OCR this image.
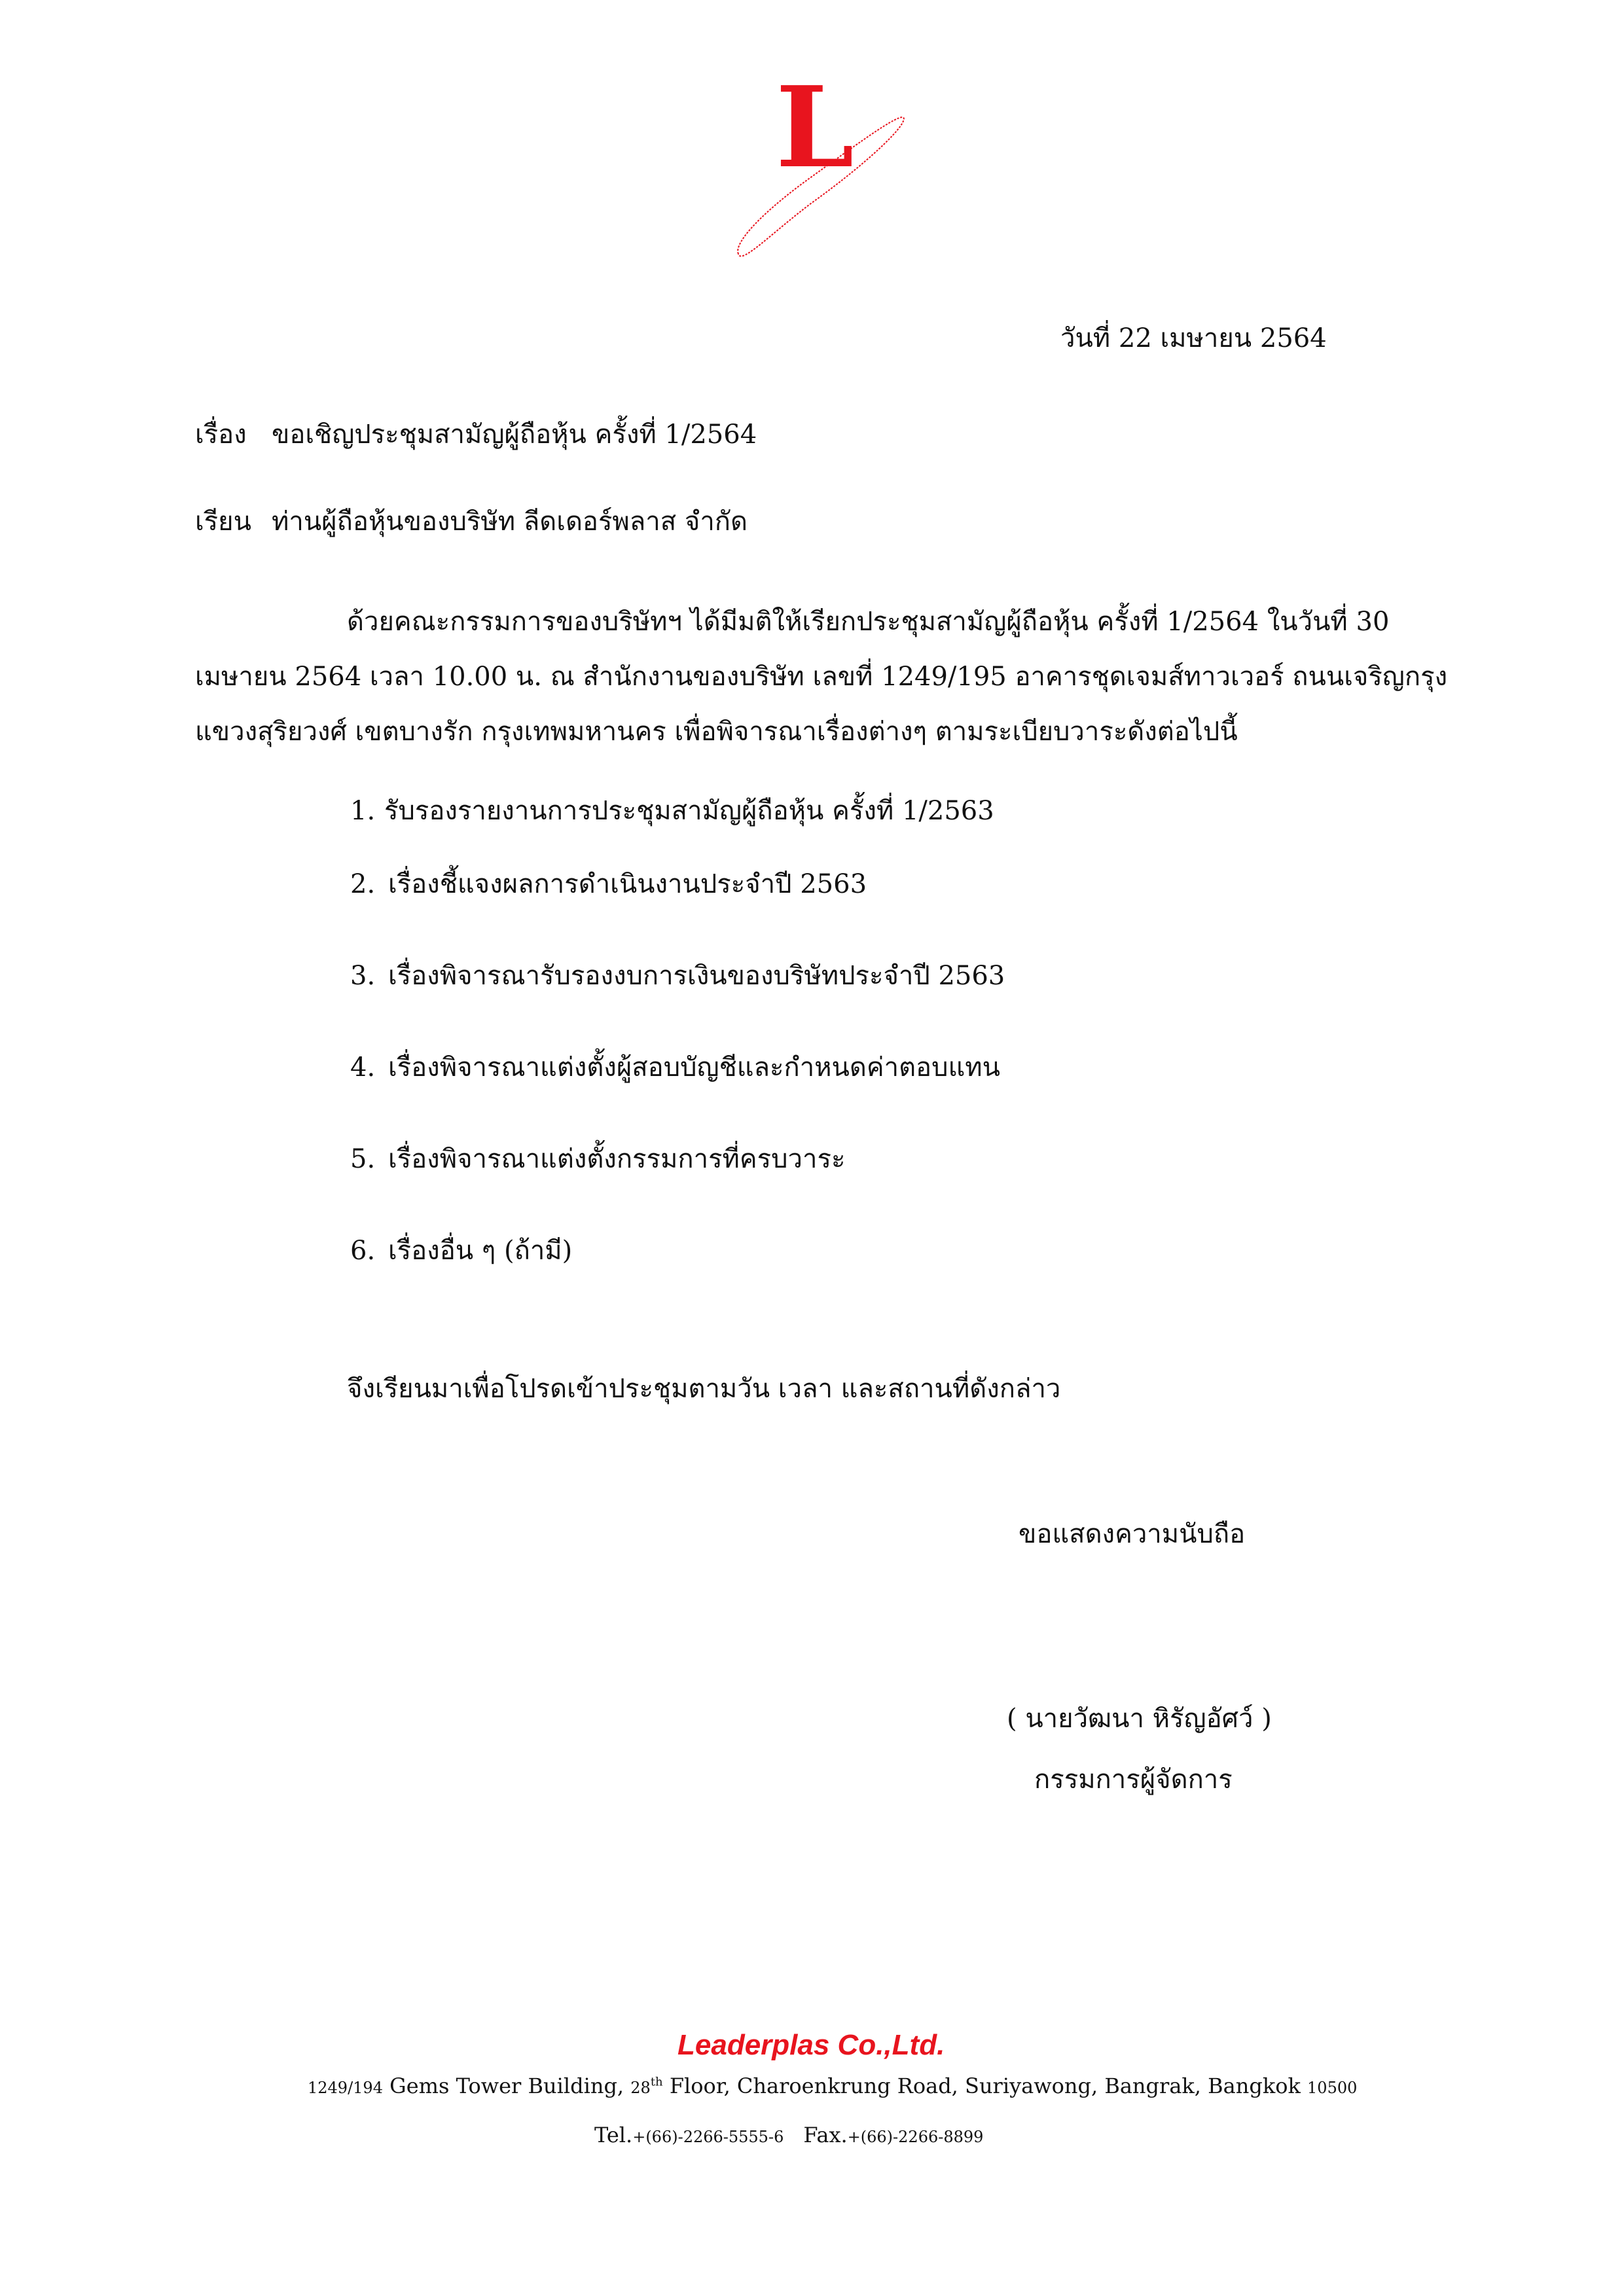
L
วันที่ 22 เมษายน 2564
เรื่อง ขอเชิญประชุมสามัญผู้ถือหุ้น ครั้งที่ 1/2564
เรียน ท่านผู้ถือหุ้นของบริษัท ลีดเดอร์พลาส จำกัด
ด้วยคณะกรรมการของบริษัทฯ ได้มีมติให้เรียกประชุมสามัญผู้ถือหุ้น ครั้งที่ 1/2564 ในวันที่ 30
เมษายน 2564 เวลา 10.00 น. ณ สำนักงานของบริษัท เลขที่ 1249/195 อาคารชุดเจมส์ทาวเวอร์ ถนนเจริญกรุง
แขวงสุริยวงศ์ เขตบางรัก กรุงเทพมหานคร เพื่อพิจารณาเรื่องต่างๆ ตามระเบียบวาระดังต่อไปนี้
1. รับรองรายงานการประชุมสามัญผู้ถือหุ้น ครั้งที่ 1/2563
2. เรื่องชี้แจงผลการดำเนินงานประจำปี 2563
3. เรื่องพิจารณารับรองงบการเงินของบริษัทประจำปี 2563
4. เรื่องพิจารณาแต่งตั้งผู้สอบบัญชีและกำหนดค่าตอบแทน
5. เรื่องพิจารณาแต่งตั้งกรรมการที่ครบวาระ
6. เรื่องอื่น ๆ (ถ้ามี)
จึงเรียนมาเพื่อโปรดเข้าประชุมตามวัน เวลา และสถานที่ดังกล่าว
ขอแสดงความนับถือ
( นายวัฒนา หิรัญอัศว์ )
กรรมการผู้จัดการ
Leaderplas Co.,Ltd.
1249/194 Gems Tower Building, 28th Floor, Charoenkrung Road, Suriyawong, Bangrak, Bangkok 10500
Tel.+(66)-2266-5555-6 Fax.+(66)-2266-8899
